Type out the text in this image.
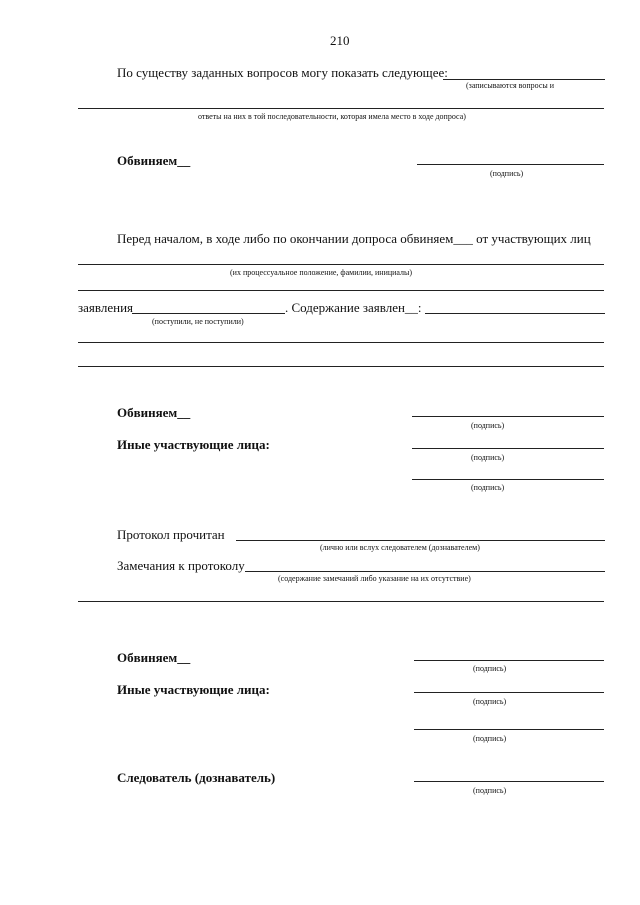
210
По существу заданных вопросов могу показать следующее:
(записываются вопросы и
ответы на них в той последовательности, которая имела место в ходе допроса)
Обвиняем__
(подпись)
Перед началом, в ходе либо по окончании допроса обвиняем___ от участвующих лиц
(их процессуальное положение, фамилии, инициалы)
заявления	. Содержание заявлен__:
(поступили, не поступили)
Обвиняем__
(подпись)
Иные участвующие лица:
(подпись)
(подпись)
Протокол прочитан
(лично или вслух следователем (дознавателем)
Замечания к протоколу
(содержание замечаний либо указание на их отсутствие)
Обвиняем__
(подпись)
Иные участвующие лица:
(подпись)
(подпись)
Следователь (дознаватель)
(подпись)
